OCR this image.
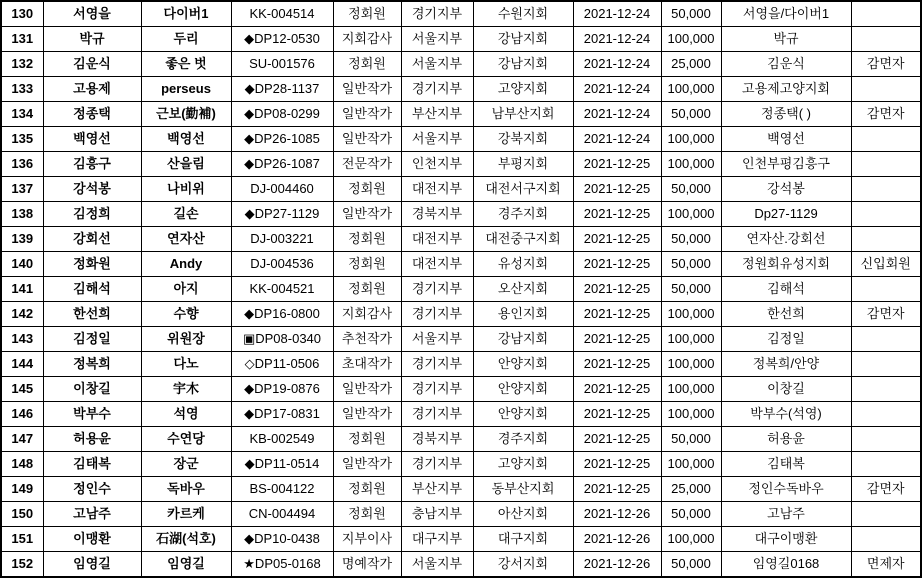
130	서영을	다이버1	KK-004514	정회원	경기지부	수원지회	2021-12-24	50,000	서영을/다이버1	
131	박규	두리	◆DP12-0530	지회감사	서울지부	강남지회	2021-12-24	100,000	박규	
132	김운식	좋은 벗	SU-001576	정회원	서울지부	강남지회	2021-12-24	25,000	김운식	감면자
133	고용제	perseus	◆DP28-1137	일반작가	경기지부	고양지회	2021-12-24	100,000	고용제고양지회	
134	정종택	근보(勤補)	◆DP08-0299	일반작가	부산지부	남부산지회	2021-12-24	50,000	정종택( )	감면자
135	백영선	백영선	◆DP26-1085	일반작가	서울지부	강북지회	2021-12-24	100,000	백영선	
136	김흥구	산을림	◆DP26-1087	전문작가	인천지부	부평지회	2021-12-25	100,000	인천부평김흥구	
137	강석봉	나비위	DJ-004460	정회원	대전지부	대전서구지회	2021-12-25	50,000	강석봉	
138	김정희	길손	◆DP27-1129	일반작가	경북지부	경주지회	2021-12-25	100,000	Dp27-1129	
139	강회선	연자산	DJ-003221	정회원	대전지부	대전중구지회	2021-12-25	50,000	연자산.강회선	
140	정화원	Andy	DJ-004536	정회원	대전지부	유성지회	2021-12-25	50,000	정원회유성지회	신입회원
141	김해석	아지	KK-004521	정회원	경기지부	오산지회	2021-12-25	50,000	김해석	
142	한선희	수향	◆DP16-0800	지회감사	경기지부	용인지회	2021-12-25	100,000	한선희	감면자
143	김정일	위원장	▣DP08-0340	추천작가	서울지부	강남지회	2021-12-25	100,000	김정일	
144	정복희	다노	◇DP11-0506	초대작가	경기지부	안양지회	2021-12-25	100,000	정복희/안양	
145	이창길	宇木	◆DP19-0876	일반작가	경기지부	안양지회	2021-12-25	100,000	이창길	
146	박부수	석영	◆DP17-0831	일반작가	경기지부	안양지회	2021-12-25	100,000	박부수(석영)	
147	허용윤	수연당	KB-002549	정회원	경북지부	경주지회	2021-12-25	50,000	허용윤	
148	김태복	장군	◆DP11-0514	일반작가	경기지부	고양지회	2021-12-25	100,000	김태복	
149	정인수	독바우	BS-004122	정회원	부산지부	동부산지회	2021-12-25	25,000	정인수독바우	감면자
150	고남주	카르케	CN-004494	정회원	충남지부	아산지회	2021-12-26	50,000	고남주	
151	이맹환	石湖(석호)	◆DP10-0438	지부이사	대구지부	대구지회	2021-12-26	100,000	대구이맹환	
152	임영길	임영길	★DP05-0168	명예작가	서울지부	강서지회	2021-12-26	50,000	임영길0168	면제자
